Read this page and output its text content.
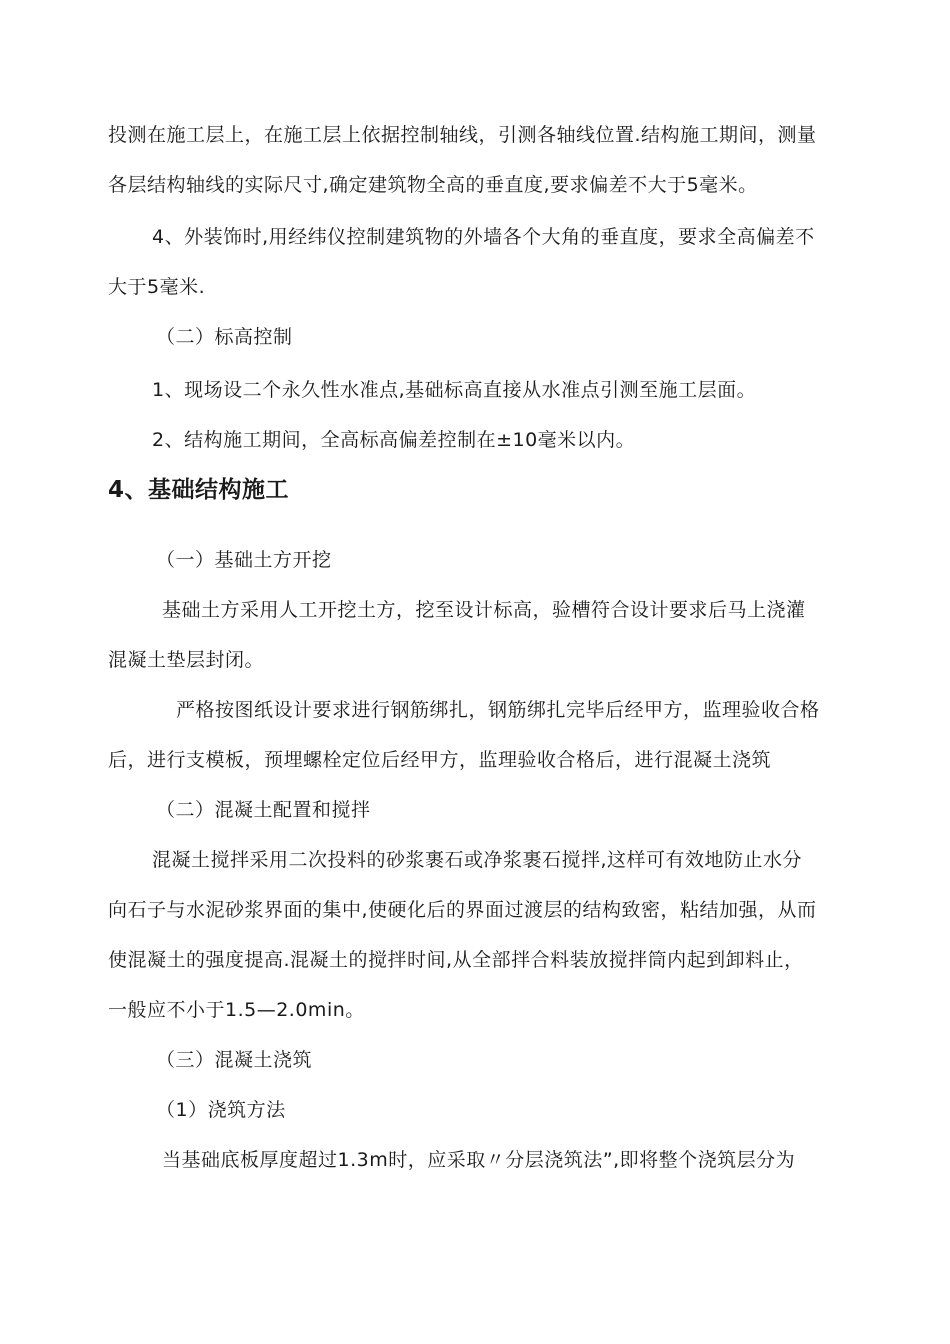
投测在施工层上，在施工层上依据控制轴线，引测各轴线位置.结构施工期间，测量
各层结构轴线的实际尺寸,确定建筑物全高的垂直度,要求偏差不大于5毫米。
4、外装饰时,用经纬仪控制建筑物的外墙各个大角的垂直度，要求全高偏差不
大于5毫米.
（二）标高控制
1、现场设二个永久性水准点,基础标高直接从水准点引测至施工层面。
2、结构施工期间，全高标高偏差控制在±10毫米以内。
4、基础结构施工
（一）基础土方开挖
基础土方采用人工开挖土方，挖至设计标高，验槽符合设计要求后马上浇灌
混凝土垫层封闭。
严格按图纸设计要求进行钢筋绑扎，钢筋绑扎完毕后经甲方，监理验收合格
后，进行支模板，预埋螺栓定位后经甲方，监理验收合格后，进行混凝土浇筑
（二）混凝土配置和搅拌
混凝土搅拌采用二次投料的砂浆裹石或净浆裹石搅拌,这样可有效地防止水分
向石子与水泥砂浆界面的集中,使硬化后的界面过渡层的结构致密，粘结加强，从而
使混凝土的强度提高.混凝土的搅拌时间,从全部拌合料装放搅拌筒内起到卸料止，
一般应不小于1.5—2.0min。
（三）混凝土浇筑
（1）浇筑方法
当基础底板厚度超过1.3m时，应采取〃分层浇筑法”,即将整个浇筑层分为
